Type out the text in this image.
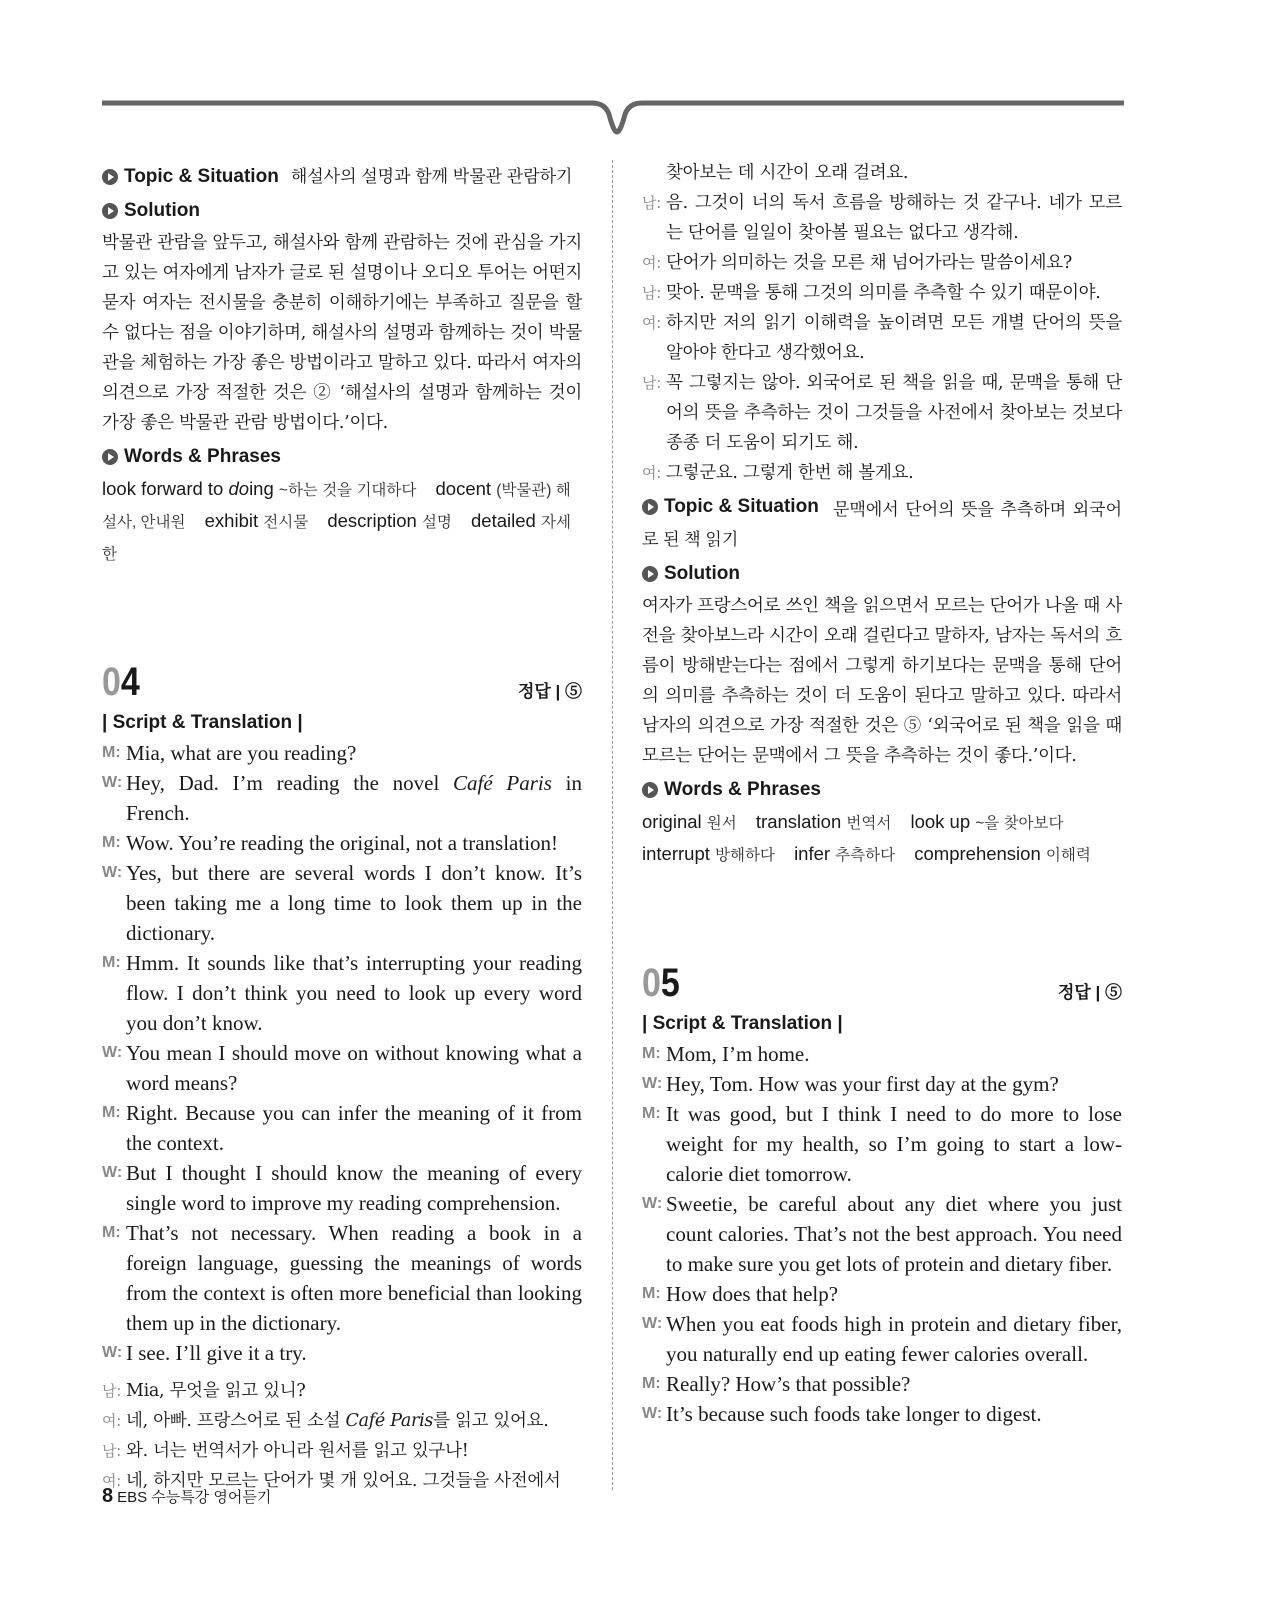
Topic & Situation 해설사의 설명과 함께 박물관 관람하기
Solution
박물관 관람을 앞두고, 해설사와 함께 관람하는 것에 관심을 가지고 있는 여자에게 남자가 글로 된 설명이나 오디오 투어는 어떤지 묻자 여자는 전시물을 충분히 이해하기에는 부족하고 질문을 할 수 없다는 점을 이야기하며, 해설사의 설명과 함께하는 것이 박물관을 체험하는 가장 좋은 방법이라고 말하고 있다. 따라서 여자의 의견으로 가장 적절한 것은 ② ‘해설사의 설명과 함께하는 것이 가장 좋은 박물관 관람 방법이다.’이다.
Words & Phrases
look forward to doing ~하는 것을 기대하다 docent (박물관) 해설사, 안내원 exhibit 전시물 description 설명 detailed 자세한
04	정답 | ⑤
| Script & Translation |
M: Mia, what are you reading?
W: Hey, Dad. I’m reading the novel Café Paris in French.
M: Wow. You’re reading the original, not a translation!
W: Yes, but there are several words I don’t know. It’s been taking me a long time to look them up in the dictionary.
M: Hmm. It sounds like that’s interrupting your reading flow. I don’t think you need to look up every word you don’t know.
W: You mean I should move on without knowing what a word means?
M: Right. Because you can infer the meaning of it from the context.
W: But I thought I should know the meaning of every single word to improve my reading comprehension.
M: That’s not necessary. When reading a book in a foreign language, guessing the meanings of words from the context is often more beneficial than looking them up in the dictionary.
W: I see. I’ll give it a try.
남: Mia, 무엇을 읽고 있니?
여: 네, 아빠. 프랑스어로 된 소설 Café Paris를 읽고 있어요.
남: 와. 너는 번역서가 아니라 원서를 읽고 있구나!
여: 네, 하지만 모르는 단어가 몇 개 있어요. 그것들을 사전에서
찾아보는 데 시간이 오래 걸려요.
남: 음. 그것이 너의 독서 흐름을 방해하는 것 같구나. 네가 모르는 단어를 일일이 찾아볼 필요는 없다고 생각해.
여: 단어가 의미하는 것을 모른 채 넘어가라는 말씀이세요?
남: 맞아. 문맥을 통해 그것의 의미를 추측할 수 있기 때문이야.
여: 하지만 저의 읽기 이해력을 높이려면 모든 개별 단어의 뜻을 알아야 한다고 생각했어요.
남: 꼭 그렇지는 않아. 외국어로 된 책을 읽을 때, 문맥을 통해 단어의 뜻을 추측하는 것이 그것들을 사전에서 찾아보는 것보다 종종 더 도움이 되기도 해.
여: 그렇군요. 그렇게 한번 해 볼게요.
Topic & Situation 문맥에서 단어의 뜻을 추측하며 외국어로 된 책 읽기
Solution
여자가 프랑스어로 쓰인 책을 읽으면서 모르는 단어가 나올 때 사전을 찾아보느라 시간이 오래 걸린다고 말하자, 남자는 독서의 흐름이 방해받는다는 점에서 그렇게 하기보다는 문맥을 통해 단어의 의미를 추측하는 것이 더 도움이 된다고 말하고 있다. 따라서 남자의 의견으로 가장 적절한 것은 ⑤ ‘외국어로 된 책을 읽을 때 모르는 단어는 문맥에서 그 뜻을 추측하는 것이 좋다.’이다.
Words & Phrases
original 원서 translation 번역서 look up ~을 찾아보다 interrupt 방해하다 infer 추측하다 comprehension 이해력
05	정답 | ⑤
| Script & Translation |
M: Mom, I’m home.
W: Hey, Tom. How was your first day at the gym?
M: It was good, but I think I need to do more to lose weight for my health, so I’m going to start a low-calorie diet tomorrow.
W: Sweetie, be careful about any diet where you just count calories. That’s not the best approach. You need to make sure you get lots of protein and dietary fiber.
M: How does that help?
W: When you eat foods high in protein and dietary fiber, you naturally end up eating fewer calories overall.
M: Really? How’s that possible?
W: It’s because such foods take longer to digest.
8 EBS 수능특강 영어듣기
